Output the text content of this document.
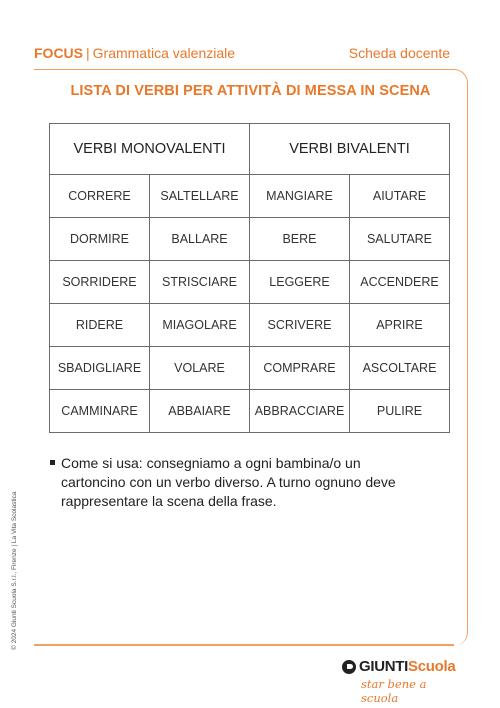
FOCUS | Grammatica valenziale	Scheda docente
LISTA DI VERBI PER ATTIVITÀ DI MESSA IN SCENA
VERBI MONOVALENTI		VERBI BIVALENTI	
CORRERE	SALTELLARE	MANGIARE	AIUTARE
DORMIRE	BALLARE	BERE	SALUTARE
SORRIDERE	STRISCIARE	LEGGERE	ACCENDERE
RIDERE	MIAGOLARE	SCRIVERE	APRIRE
SBADIGLIARE	VOLARE	COMPRARE	ASCOLTARE
CAMMINARE	ABBAIARE	ABBRACCIARE	PULIRE
Come si usa: consegniamo a ogni bambina/o un cartoncino con un verbo diverso. A turno ognuno deve rappresentare la scena della frase.
© 2024 Giunti Scuola S.r.l., Firenze | La Vita Scolastica
GIUNTIScuola
star bene a scuola
